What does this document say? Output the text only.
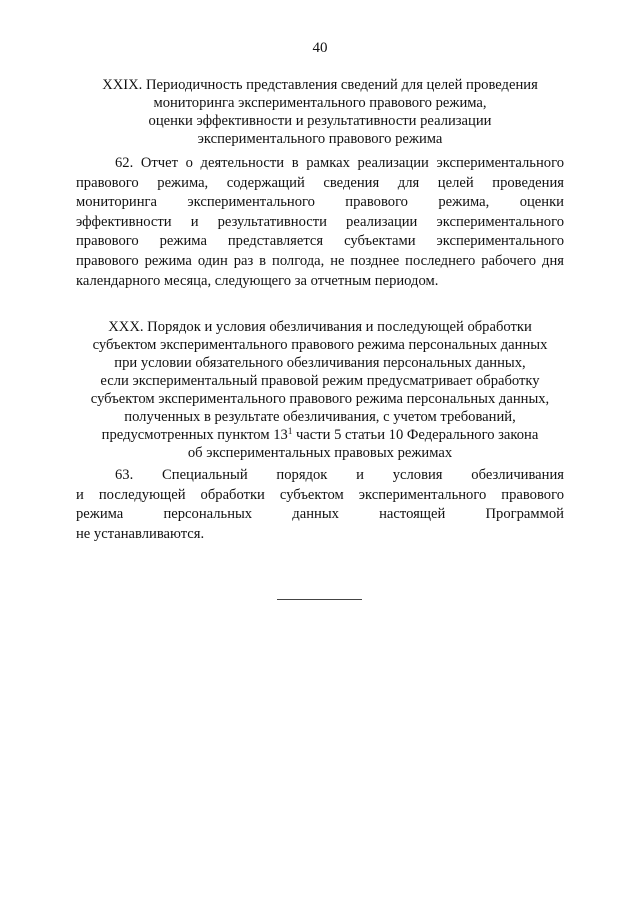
40
XXIX. Периодичность представления сведений для целей проведения
мониторинга экспериментального правового режима,
оценки эффективности и результативности реализации
экспериментального правового режима
62. Отчет о деятельности в рамках реализации экспериментального
правового режима, содержащий сведения для целей проведения
мониторинга экспериментального правового режима, оценки
эффективности и результативности реализации экспериментального
правового режима представляется субъектами экспериментального
правового режима один раз в полгода, не позднее последнего рабочего дня
календарного месяца, следующего за отчетным периодом.
XXX. Порядок и условия обезличивания и последующей обработки
субъектом экспериментального правового режима персональных данных
при условии обязательного обезличивания персональных данных,
если экспериментальный правовой режим предусматривает обработку
субъектом экспериментального правового режима персональных данных,
полученных в результате обезличивания, с учетом требований,
предусмотренных пунктом $13^1$ части 5 статьи 10 Федерального закона
об экспериментальных правовых режимах
63. Специальный порядок и условия обезличивания
и последующей обработки субъектом экспериментального правового
режима персональных данных настоящей Программой
не устанавливаются.
